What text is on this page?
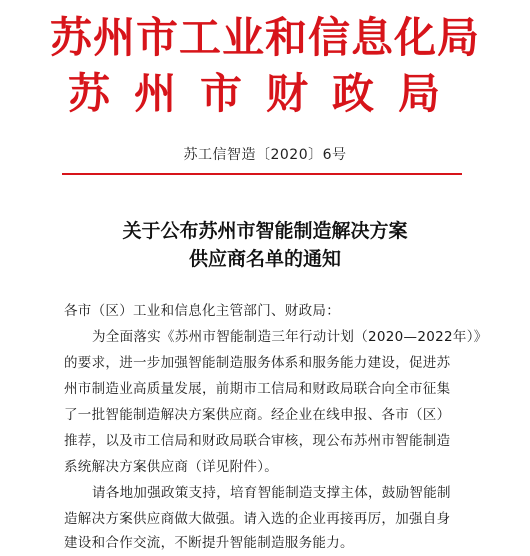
苏州市工业和信息化局
苏州市财政局
苏工信智造〔2020〕6号
关于公布苏州市智能制造解决方案
供应商名单的通知
各市（区）工业和信息化主管部门、财政局：
为全面落实《苏州市智能制造三年行动计划（2020—2022年）》
的要求，进一步加强智能制造服务体系和服务能力建设，促进苏
州市制造业高质量发展，前期市工信局和财政局联合向全市征集
了一批智能制造解决方案供应商。经企业在线申报、各市（区）
推荐，以及市工信局和财政局联合审核，现公布苏州市智能制造
系统解决方案供应商（详见附件）。
请各地加强政策支持，培育智能制造支撑主体，鼓励智能制
造解决方案供应商做大做强。请入选的企业再接再厉，加强自身
建设和合作交流，不断提升智能制造服务能力。
